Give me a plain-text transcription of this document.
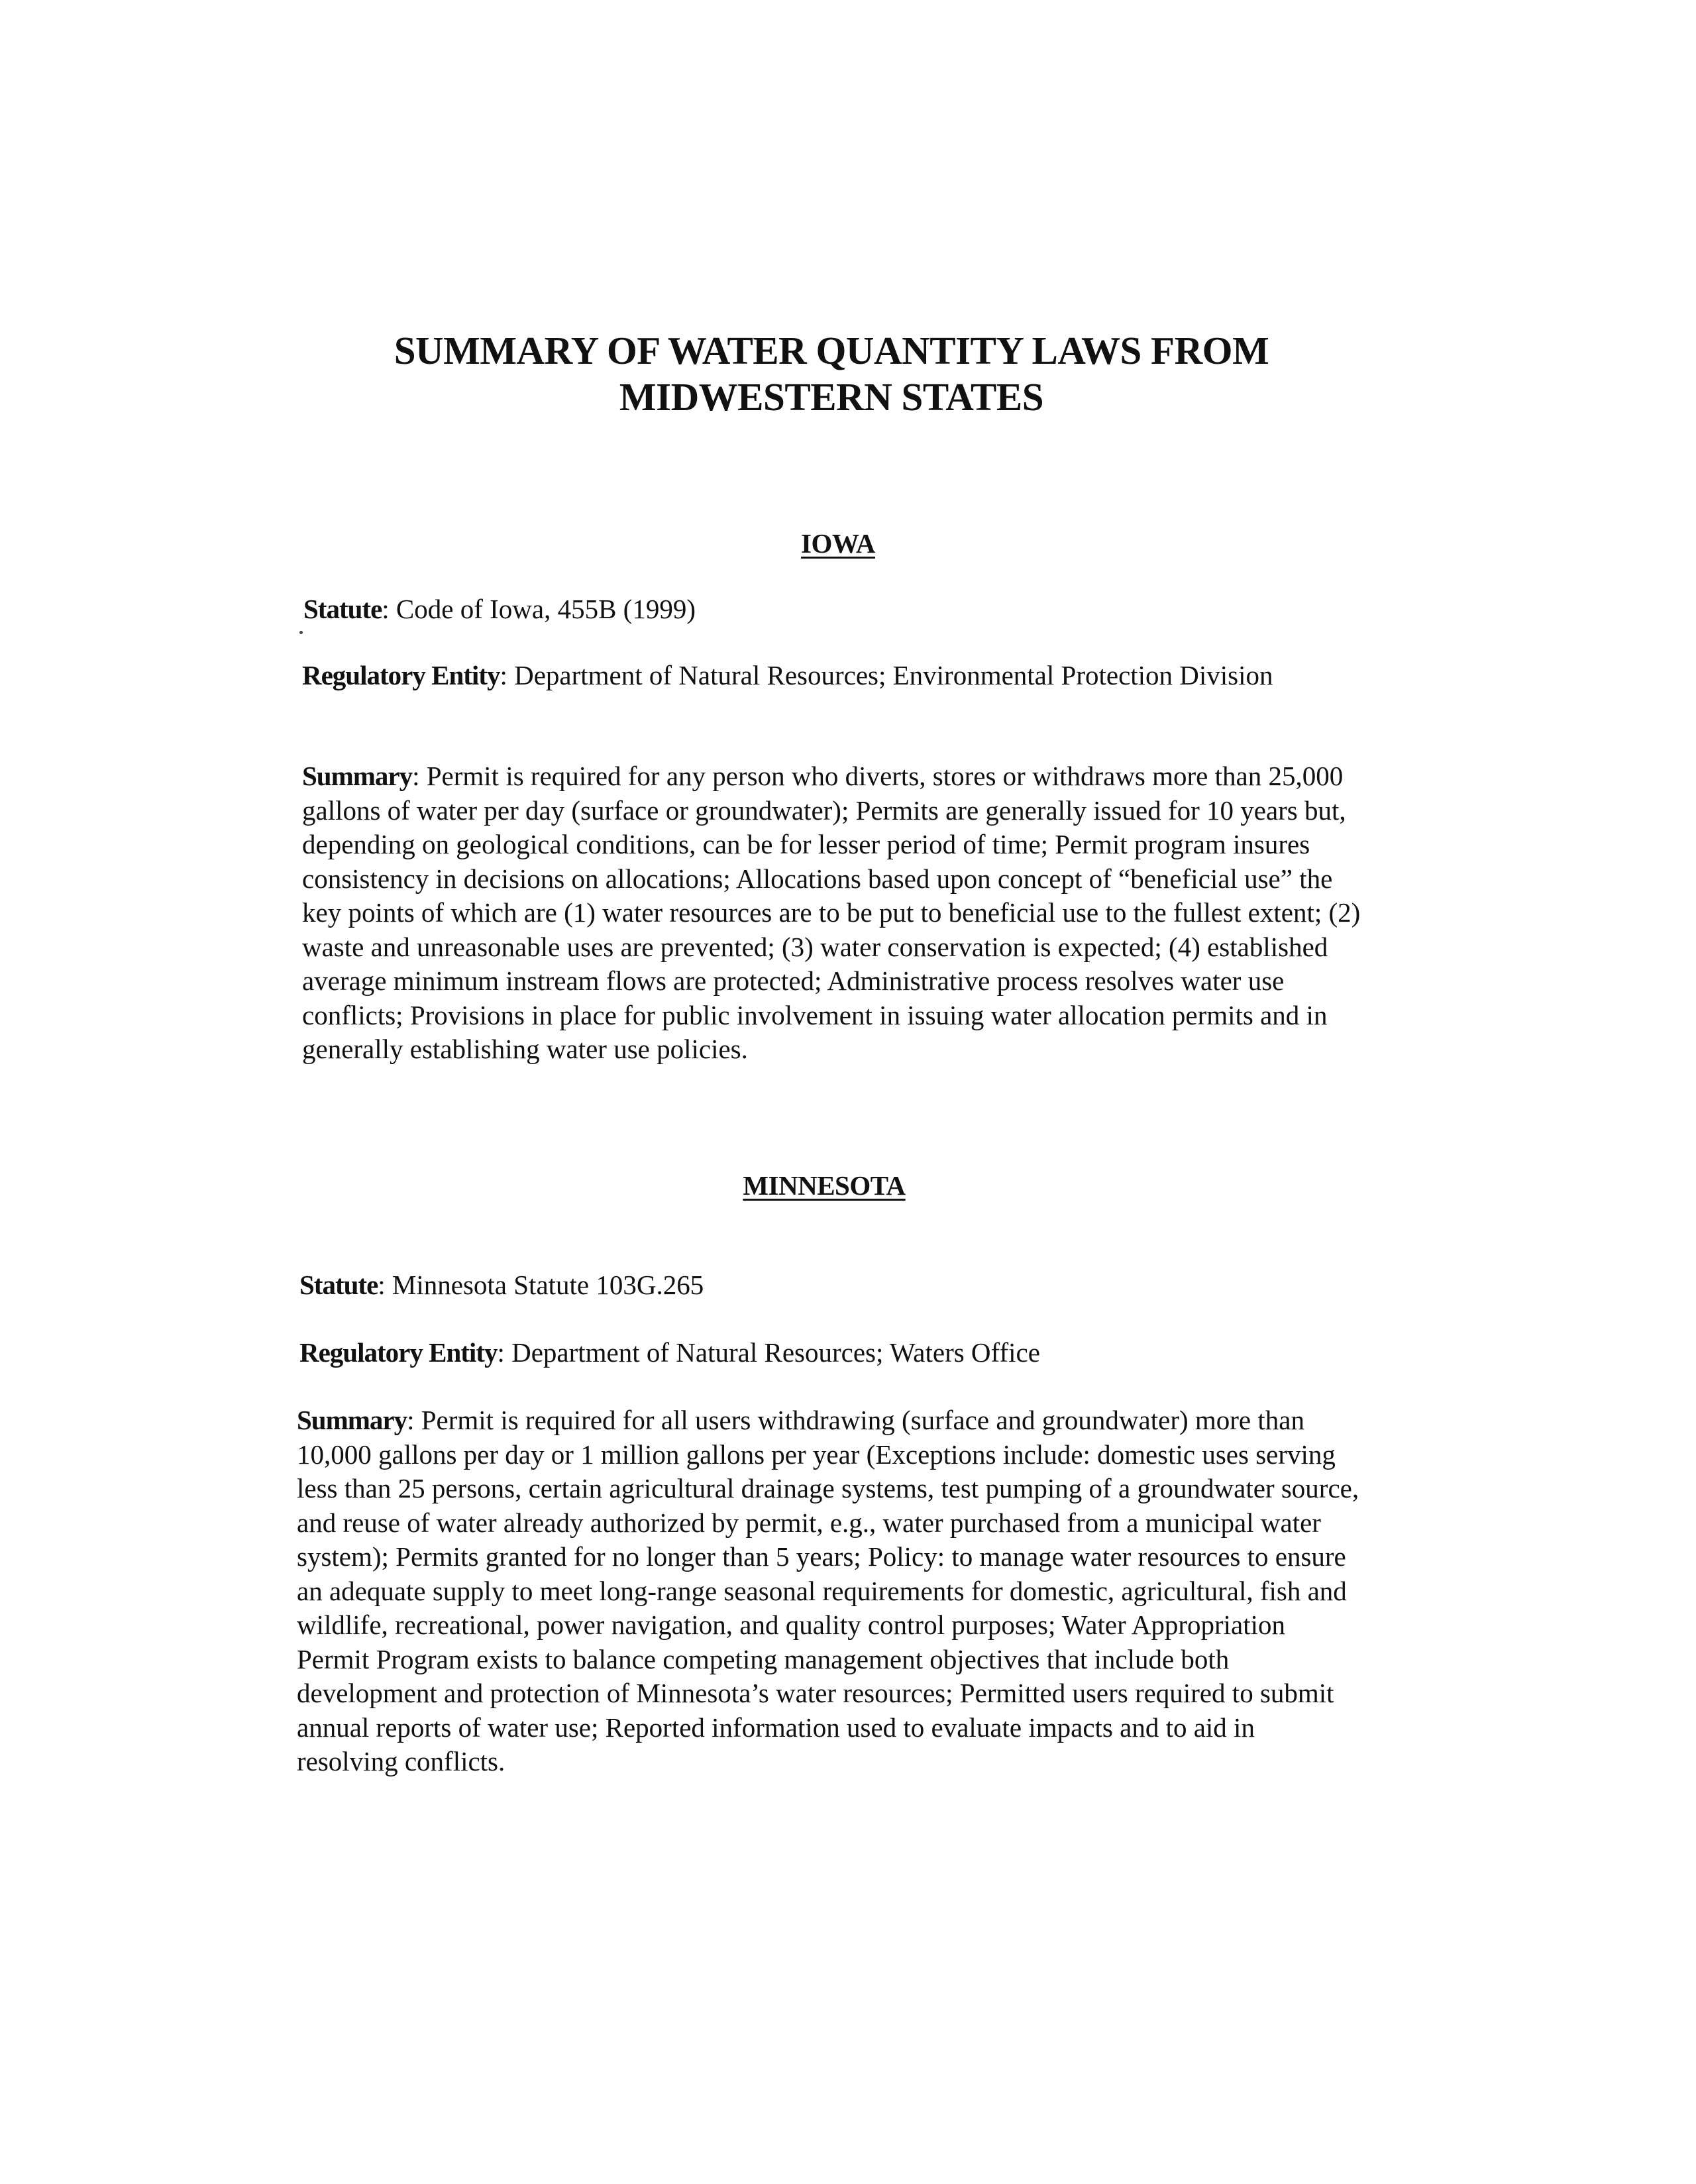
SUMMARY OF WATER QUANTITY LAWS FROM
MIDWESTERN STATES
IOWA
Statute: Code of Iowa, 455B (1999)
Regulatory Entity: Department of Natural Resources; Environmental Protection Division
Summary: Permit is required for any person who diverts, stores or withdraws more than 25,000 gallons of water per day (surface or groundwater); Permits are generally issued for 10 years but, depending on geological conditions, can be for lesser period of time; Permit program insures consistency in decisions on allocations; Allocations based upon concept of “beneficial use” the key points of which are (1) water resources are to be put to beneficial use to the fullest extent; (2) waste and unreasonable uses are prevented; (3) water conservation is expected; (4) established average minimum instream flows are protected; Administrative process resolves water use conflicts; Provisions in place for public involvement in issuing water allocation permits and in generally establishing water use policies.
MINNESOTA
Statute: Minnesota Statute 103G.265
Regulatory Entity: Department of Natural Resources; Waters Office
Summary: Permit is required for all users withdrawing (surface and groundwater) more than 10,000 gallons per day or 1 million gallons per year (Exceptions include: domestic uses serving less than 25 persons, certain agricultural drainage systems, test pumping of a groundwater source, and reuse of water already authorized by permit, e.g., water purchased from a municipal water system); Permits granted for no longer than 5 years; Policy: to manage water resources to ensure an adequate supply to meet long-range seasonal requirements for domestic, agricultural, fish and wildlife, recreational, power navigation, and quality control purposes; Water Appropriation Permit Program exists to balance competing management objectives that include both development and protection of Minnesota’s water resources; Permitted users required to submit annual reports of water use; Reported information used to evaluate impacts and to aid in resolving conflicts.
